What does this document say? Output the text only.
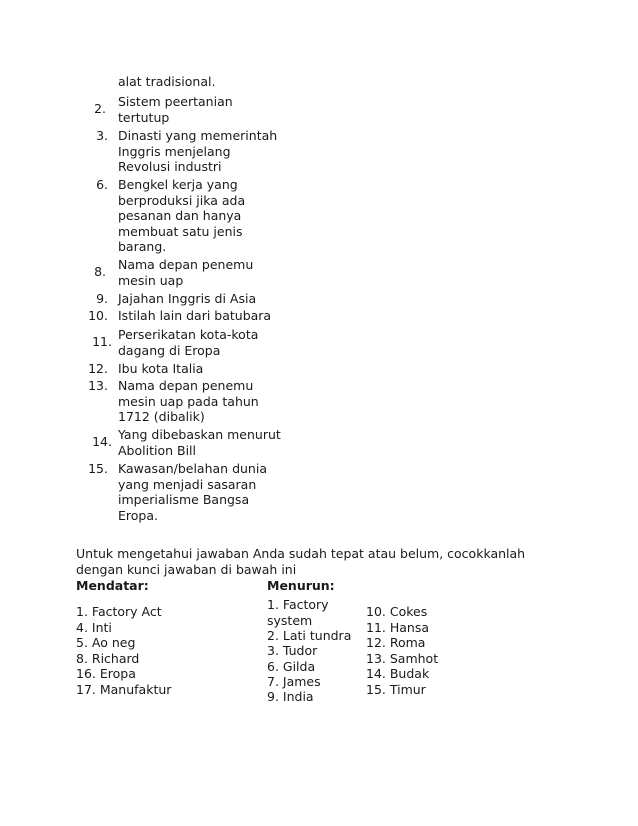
alat tradisional.
2. Sistem peertanian
tertutup
3. Dinasti yang memerintah
Inggris menjelang
Revolusi industri
6. Bengkel kerja yang
berproduksi jika ada
pesanan dan hanya
membuat satu jenis
barang.
8. Nama depan penemu
mesin uap
9. Jajahan Inggris di Asia
10. Istilah lain dari batubara
11. Perserikatan kota-kota
dagang di Eropa
12. Ibu kota Italia
13. Nama depan penemu
mesin uap pada tahun
1712 (dibalik)
14. Yang dibebaskan menurut
Abolition Bill
15. Kawasan/belahan dunia
yang menjadi sasaran
imperialisme Bangsa
Eropa.
Untuk mengetahui jawaban Anda sudah tepat atau belum, cocokkanlah
dengan kunci jawaban di bawah ini
Mendatar:
1. Factory Act
4. Inti
5. Ao neg
8. Richard
16. Eropa
17. Manufaktur
Menurun:
1. Factory
system
2. Lati tundra
3. Tudor
6. Gilda
7. James
9. India
10. Cokes
11. Hansa
12. Roma
13. Samhot
14. Budak
15. Timur
